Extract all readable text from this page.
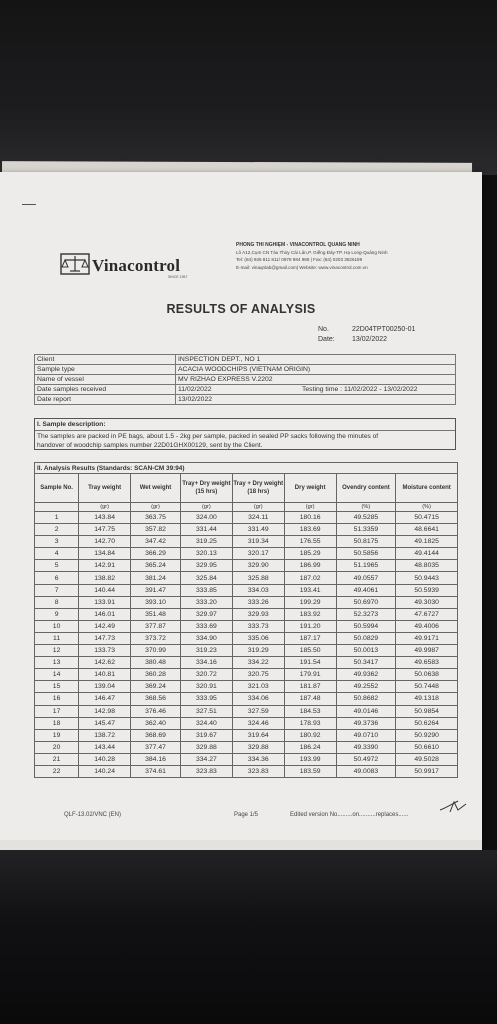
Vinacontrol
SINCE 1957
PHÒNG THÍ NGHIỆM - VINACONTROL QUẢNG NINH
Lô A12,Cụm CN Tàu Thủy Cái Lân,P. Giếng Đáy-TP. Hạ Long-Quảng Ninh
Tel: (84) 936 811 811/ 0978 984 968 | Fax: (84) 0203 3826189
E-mail: vinaqnlab@gmail.com| Website: www.vinacontrol.com.vn
RESULTS OF ANALYSIS
No.	22D04TPT00250-01
Date: 13/02/2022
Client	INSPECTION DEPT., NO 1	
Sample type	ACACIA WOODCHIPS (VIETNAM ORIGIN)	
Name of vessel	MV RIZHAO EXPRESS V.2202	
Date samples received	11/02/2022	Testing time : 11/02/2022 - 13/02/2022
Date report	13/02/2022	
I. Sample description:
The samples are packed in PE bags, about 1.5 - 2kg per sample, packed in sealed PP sacks following the minutes of
handover of woodchip samples number 22D01GHX00129, sent by the Client.
II. Analysis Results (Standards: SCAN-CM 39:94)							
Sample No.	Tray weight	Wet weight	Tray+ Dry weight (15 hrs)	Tray + Dry weight (18 hrs)	Dry weight	Ovendry content	Moisture content
	(gr)	(gr)	(gr)	(gr)	(gr)	(%)	(%)
1	143.84	363.75	324.00	324.11	180.16	49.5285	50.4715
2	147.75	357.82	331.44	331.49	183.69	51.3359	48.6641
3	142.70	347.42	319.25	319.34	176.55	50.8175	49.1825
4	134.84	366.29	320.13	320.17	185.29	50.5856	49.4144
5	142.91	365.24	329.95	329.90	186.99	51.1965	48.8035
6	138.82	381.24	325.84	325.88	187.02	49.0557	50.9443
7	140.44	391.47	333.85	334.03	193.41	49.4061	50.5939
8	133.91	393.10	333.20	333.26	199.29	50.6970	49.3030
9	146.01	351.48	329.97	329.93	183.92	52.3273	47.6727
10	142.49	377.87	333.69	333.73	191.20	50.5994	49.4006
11	147.73	373.72	334.90	335.06	187.17	50.0829	49.9171
12	133.73	370.99	319.23	319.29	185.50	50.0013	49.9987
13	142.62	380.48	334.16	334.22	191.54	50.3417	49.6583
14	140.81	360.28	320.72	320.75	179.91	49.9362	50.0638
15	139.04	369.24	320.91	321.03	181.87	49.2552	50.7448
16	146.47	368.56	333.95	334.06	187.48	50.8682	49.1318
17	142.98	376.46	327.51	327.59	184.53	49.0146	50.9854
18	145.47	362.40	324.40	324.46	178.93	49.3736	50.6264
19	138.72	368.69	319.67	319.64	180.92	49.0710	50.9290
20	143.44	377.47	329.88	329.88	186.24	49.3390	50.6610
21	140.28	384.16	334.27	334.36	193.99	50.4972	49.5028
22	140.24	374.61	323.83	323.83	183.59	49.0083	50.9917
QLF-13.02/VNC (EN)	Page 1/5	Edited version No.........on..........replaces......
